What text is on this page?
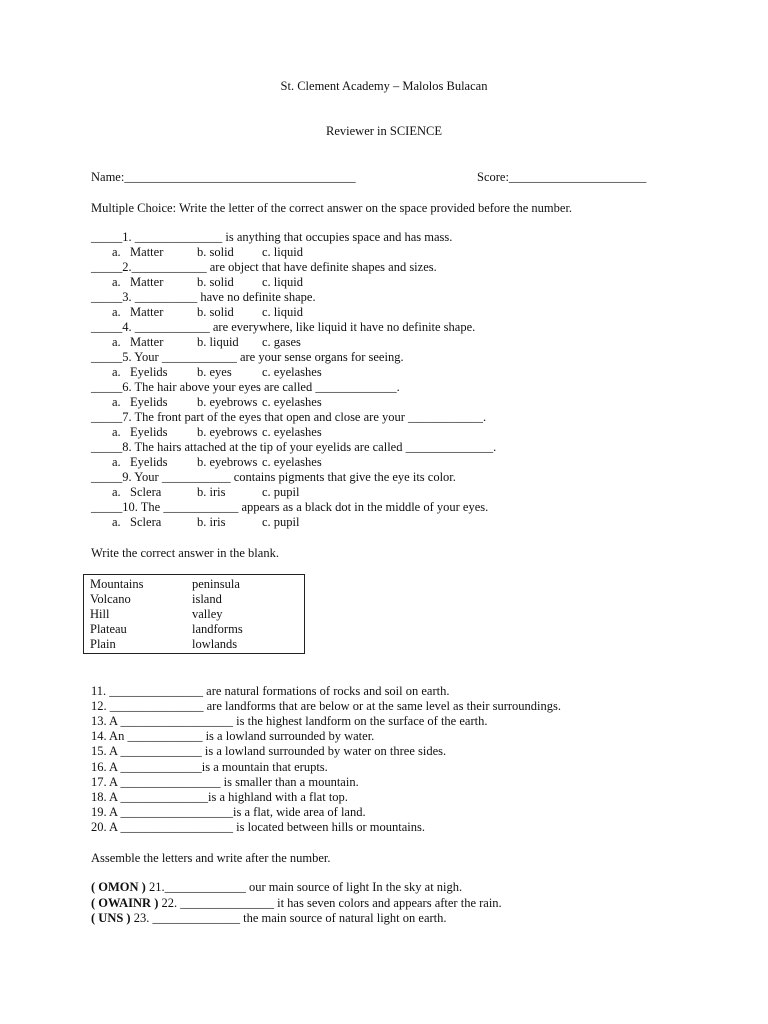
St. Clement Academy – Malolos Bulacan
Reviewer in SCIENCE
Name:_____________________________________	Score:______________________
Multiple Choice: Write the letter of the correct answer on the space provided before the number.
_____1. ______________ is anything that occupies space and has mass.
a.   Matter	b. solid c. liquid
_____2.____________ are object that have definite shapes and sizes.
a.   Matter	b. solid c. liquid
_____3. __________ have no definite shape.
a.   Matter	b. solid c. liquid
_____4. ____________ are everywhere, like liquid it have no definite shape.
a.   Matter	b. liquid c. gases
_____5. Your ____________ are your sense organs for seeing.
a.   Eyelids b. eyes c. eyelashes
_____6. The hair above your eyes are called _____________.
a.   Eyelids b. eyebrows c. eyelashes
_____7. The front part of the eyes that open and close are your ____________.
a.   Eyelids b. eyebrows c. eyelashes
_____8. The hairs attached at the tip of your eyelids are called ______________.
a.   Eyelids b. eyebrows c. eyelashes
_____9. Your ___________ contains pigments that give the eye its color.
a.   Sclera	b. iris	c. pupil
_____10. The ____________ appears as a black dot in the middle of your eyes.
a.   Sclera	b. iris	c. pupil
Write the correct answer in the blank.
Mountains	peninsula
Volcano	island
Hill	valley
Plateau	landforms
Plain	lowlands
11. _______________ are natural formations of rocks and soil on earth.
12. _______________ are landforms that are below or at the same level as their surroundings.
13. A __________________ is the highest landform on the surface of the earth.
14. An ____________ is a lowland surrounded by water.
15. A _____________ is a lowland surrounded by water on three sides.
16. A _____________is a mountain that erupts.
17. A ________________ is smaller than a mountain.
18. A ______________is a highland with a flat top.
19. A __________________is a flat, wide area of land.
20. A __________________ is located between hills or mountains.
Assemble the letters and write after the number.
( OMON ) 21._____________ our main source of light In the sky at nigh.
( OWAINR ) 22. _______________ it has seven colors and appears after the rain.
( UNS ) 23. ______________ the main source of natural light on earth.
